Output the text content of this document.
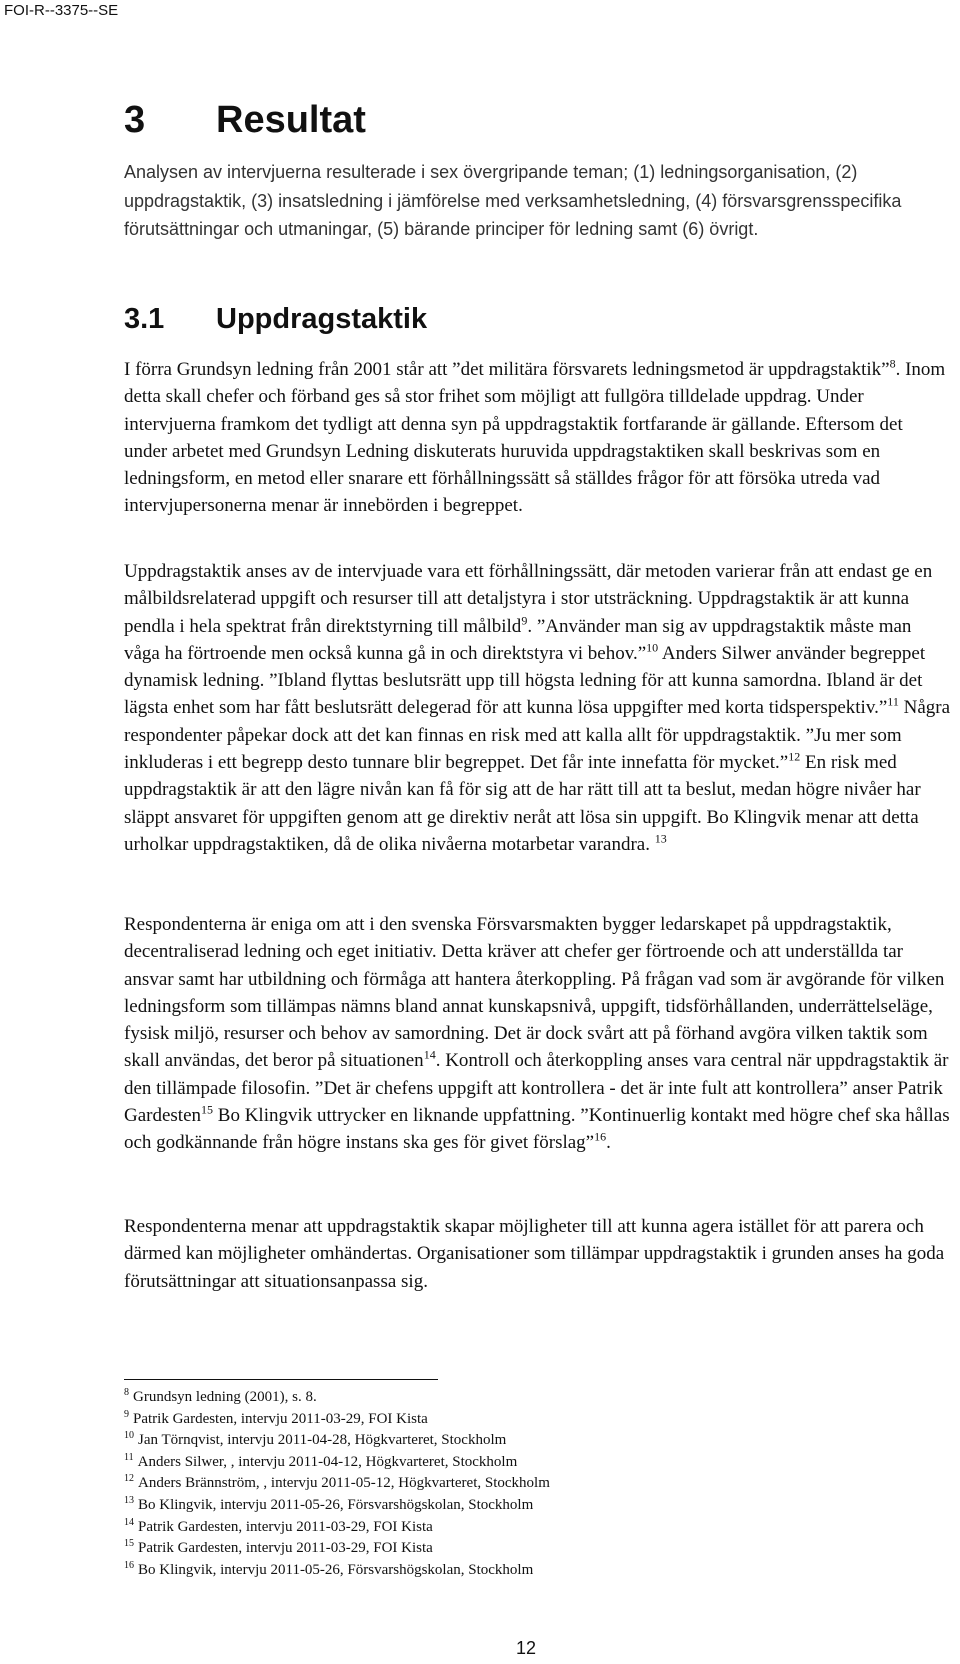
FOI-R--3375--SE
3 Resultat

Analysen av intervjuerna resulterade i sex övergripande teman; (1) ledningsorganisation, (2) uppdragstaktik, (3) insatsledning i jämförelse med verksamhetsledning, (4) försvarsgrensspecifika förutsättningar och utmaningar, (5) bärande principer för ledning samt (6) övrigt.

3.1 Uppdragstaktik

I förra Grundsyn ledning från 2001 står att ”det militära försvarets ledningsmetod är uppdragstaktik”$^8$. Inom detta skall chefer och förband ges så stor frihet som möjligt att fullgöra tilldelade uppdrag. Under intervjuerna framkom det tydligt att denna syn på uppdragstaktik fortfarande är gällande. Eftersom det under arbetet med Grundsyn Ledning diskuterats huruvida uppdragstaktiken skall beskrivas som en ledningsform, en metod eller snarare ett förhållningssätt så ställdes frågor för att försöka utreda vad intervjupersonerna menar är innebörden i begreppet.

Uppdragstaktik anses av de intervjuade vara ett förhållningssätt, där metoden varierar från att endast ge en målbildsrelaterad uppgift och resurser till att detaljstyra i stor utsträckning. Uppdragstaktik är att kunna pendla i hela spektrat från direktstyrning till målbild$^9$. ”Använder man sig av uppdragstaktik måste man våga ha förtroende men också kunna gå in och direktstyra vi behov.”$^{10}$ Anders Silwer använder begreppet dynamisk ledning. ”Ibland flyttas beslutsrätt upp till högsta ledning för att kunna samordna. Ibland är det lägsta enhet som har fått beslutsrätt delegerad för att kunna lösa uppgifter med korta tidsperspektiv.”$^{11}$ Några respondenter påpekar dock att det kan finnas en risk med att kalla allt för uppdragstaktik. ”Ju mer som inkluderas i ett begrepp desto tunnare blir begreppet. Det får inte innefatta för mycket.”$^{12}$ En risk med uppdragstaktik är att den lägre nivån kan få för sig att de har rätt till att ta beslut, medan högre nivåer har släppt ansvaret för uppgiften genom att ge direktiv neråt att lösa sin uppgift. Bo Klingvik menar att detta urholkar uppdragstaktiken, då de olika nivåerna motarbetar varandra. $^{13}$

Respondenterna är eniga om att i den svenska Försvarsmakten bygger ledarskapet på uppdragstaktik, decentraliserad ledning och eget initiativ. Detta kräver att chefer ger förtroende och att underställda tar ansvar samt har utbildning och förmåga att hantera återkoppling. På frågan vad som är avgörande för vilken ledningsform som tillämpas nämns bland annat kunskapsnivå, uppgift, tidsförhållanden, underrättelseläge, fysisk miljö, resurser och behov av samordning. Det är dock svårt att på förhand avgöra vilken taktik som skall användas, det beror på situationen$^{14}$. Kontroll och återkoppling anses vara central när uppdragstaktik är den tillämpade filosofin. ”Det är chefens uppgift att kontrollera - det är inte fult att kontrollera” anser Patrik Gardesten$^{15}$ Bo Klingvik uttrycker en liknande uppfattning. ”Kontinuerlig kontakt med högre chef ska hållas och godkännande från högre instans ska ges för givet förslag”$^{16}$.

Respondenterna menar att uppdragstaktik skapar möjligheter till att kunna agera istället för att parera och därmed kan möjligheter omhändertas. Organisationer som tillämpar uppdragstaktik i grunden anses ha goda förutsättningar att situationsanpassa sig.

$^8$ Grundsyn ledning (2001), s. 8.
$^9$ Patrik Gardesten, intervju 2011-03-29, FOI Kista
$^{10}$ Jan Törnqvist, intervju 2011-04-28, Högkvarteret, Stockholm
$^{11}$ Anders Silwer, , intervju 2011-04-12, Högkvarteret, Stockholm
$^{12}$ Anders Brännström, , intervju 2011-05-12, Högkvarteret, Stockholm
$^{13}$ Bo Klingvik, intervju 2011-05-26, Försvarshögskolan, Stockholm
$^{14}$ Patrik Gardesten, intervju 2011-03-29, FOI Kista
$^{15}$ Patrik Gardesten, intervju 2011-03-29, FOI Kista
$^{16}$ Bo Klingvik, intervju 2011-05-26, Försvarshögskolan, Stockholm
12
